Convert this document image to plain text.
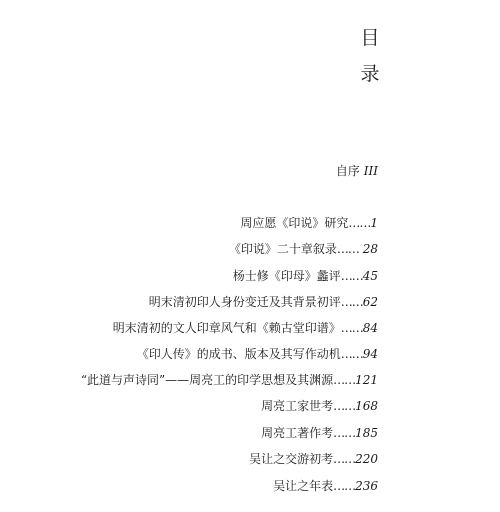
目
录
自序 III
周应愿《印说》研究……1
《印说》二十章叙录…… 28
杨士修《印母》蠡评……45
明末清初印人身份变迁及其背景初评……62
明末清初的文人印章风气和《赖古堂印谱》……84
《印人传》的成书、版本及其写作动机……94
“此道与声诗同”——周亮工的印学思想及其渊源……121
周亮工家世考……168
周亮工著作考……185
吴让之交游初考……220
吴让之年表……236
